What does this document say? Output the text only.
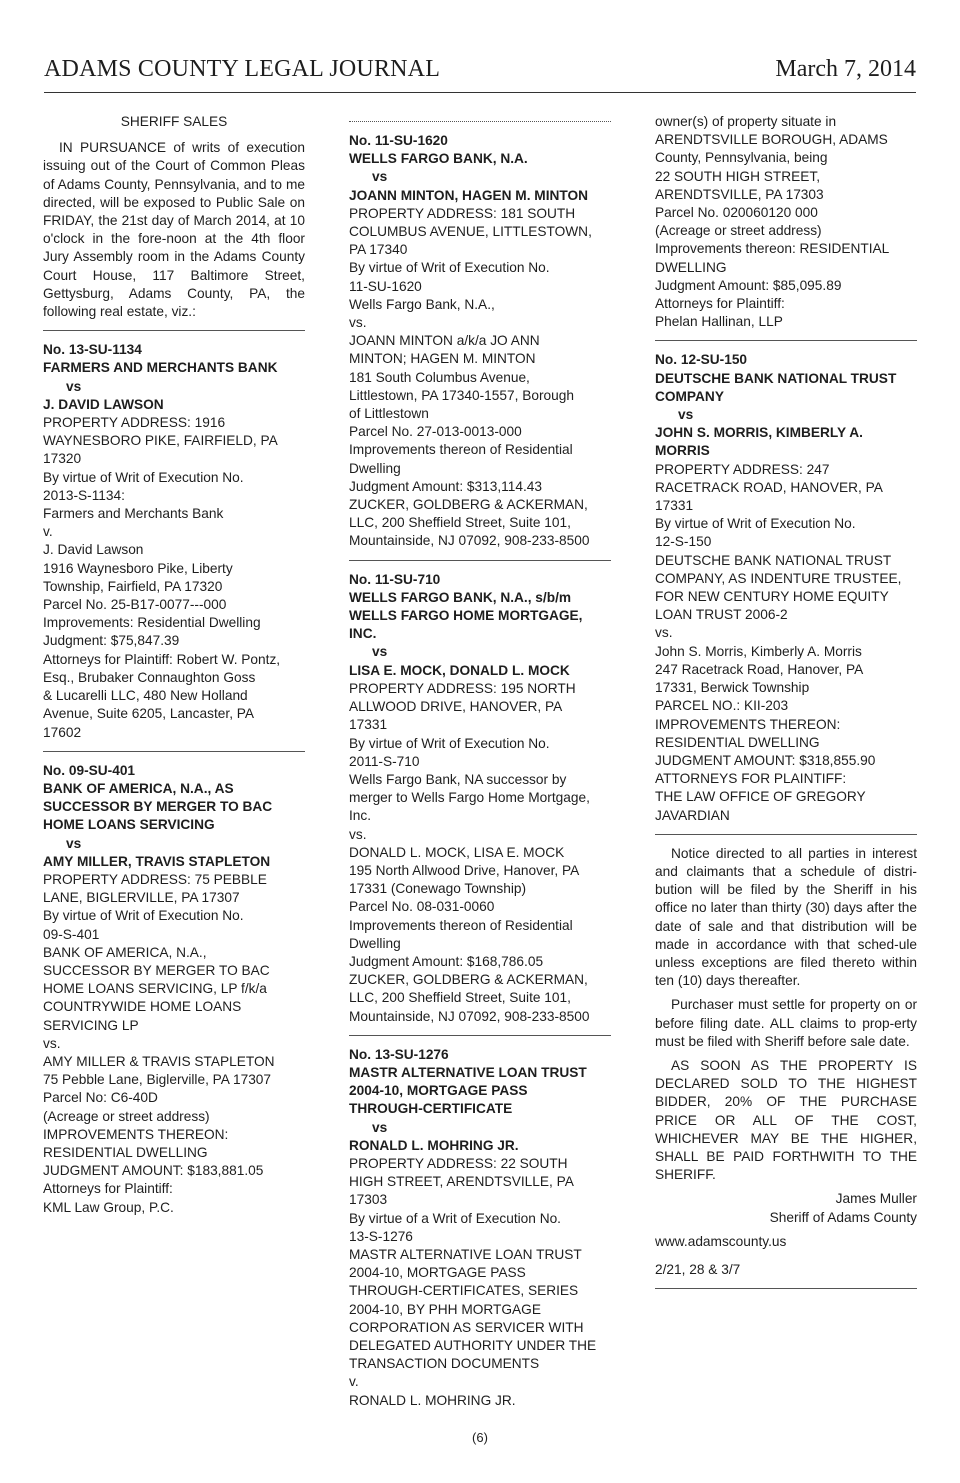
ADAMS COUNTY LEGAL JOURNAL	March 7, 2014

SHERIFF SALES

IN PURSUANCE of writs of execution issuing out of the Court of Common Pleas of Adams County, Pennsylvania, and to me directed, will be exposed to Public Sale on FRIDAY, the 21st day of March 2014, at 10 o'clock in the fore-noon at the 4th floor Jury Assembly room in the Adams County Court House, 117 Baltimore Street, Gettysburg, Adams County, PA, the following real estate, viz.:

No. 13-SU-1134

FARMERS AND MERCHANTS BANK

vs

J. DAVID LAWSON

PROPERTY ADDRESS: 1916

WAYNESBORO PIKE, FAIRFIELD, PA

17320

By virtue of Writ of Execution No.

2013-S-1134:

Farmers and Merchants Bank

v.

J. David Lawson

1916 Waynesboro Pike, Liberty

Township, Fairfield, PA 17320

Parcel No. 25-B17-0077---000

Improvements: Residential Dwelling

Judgment: $75,847.39

Attorneys for Plaintiff: Robert W. Pontz,

Esq., Brubaker Connaughton Goss

& Lucarelli LLC, 480 New Holland

Avenue, Suite 6205, Lancaster, PA

17602

No. 09-SU-401

BANK OF AMERICA, N.A., AS

SUCCESSOR BY MERGER TO BAC

HOME LOANS SERVICING

vs

AMY MILLER, TRAVIS STAPLETON

PROPERTY ADDRESS: 75 PEBBLE

LANE, BIGLERVILLE, PA 17307

By virtue of Writ of Execution No.

09-S-401

BANK OF AMERICA, N.A.,

SUCCESSOR BY MERGER TO BAC

HOME LOANS SERVICING, LP f/k/a

COUNTRYWIDE HOME LOANS

SERVICING LP

vs.

AMY MILLER & TRAVIS STAPLETON

75 Pebble Lane, Biglerville, PA 17307

Parcel No: C6-40D

(Acreage or street address)

IMPROVEMENTS THEREON:

RESIDENTIAL DWELLING

JUDGMENT AMOUNT: $183,881.05

Attorneys for Plaintiff:

KML Law Group, P.C.

No. 11-SU-1620

WELLS FARGO BANK, N.A.

vs

JOANN MINTON, HAGEN M. MINTON

PROPERTY ADDRESS: 181 SOUTH

COLUMBUS AVENUE, LITTLESTOWN,

PA 17340

By virtue of Writ of Execution No.

11-SU-1620

Wells Fargo Bank, N.A.,

vs.

JOANN MINTON a/k/a JO ANN

MINTON; HAGEN M. MINTON

181 South Columbus Avenue,

Littlestown, PA 17340-1557, Borough

of Littlestown

Parcel No. 27-013-0013-000

Improvements thereon of Residential

Dwelling

Judgment Amount: $313,114.43

ZUCKER, GOLDBERG & ACKERMAN,

LLC, 200 Sheffield Street, Suite 101,

Mountainside, NJ 07092, 908-233-8500

No. 11-SU-710

WELLS FARGO BANK, N.A., s/b/m

WELLS FARGO HOME MORTGAGE,

INC.

vs

LISA E. MOCK, DONALD L. MOCK

PROPERTY ADDRESS: 195 NORTH

ALLWOOD DRIVE, HANOVER, PA

17331

By virtue of Writ of Execution No.

2011-S-710

Wells Fargo Bank, NA successor by

merger to Wells Fargo Home Mortgage,

Inc.

vs.

DONALD L. MOCK, LISA E. MOCK

195 North Allwood Drive, Hanover, PA

17331 (Conewago Township)

Parcel No. 08-031-0060

Improvements thereon of Residential

Dwelling

Judgment Amount: $168,786.05

ZUCKER, GOLDBERG & ACKERMAN,

LLC, 200 Sheffield Street, Suite 101,

Mountainside, NJ 07092, 908-233-8500

No. 13-SU-1276

MASTR ALTERNATIVE LOAN TRUST

2004-10, MORTGAGE PASS

THROUGH-CERTIFICATE

vs

RONALD L. MOHRING JR.

PROPERTY ADDRESS: 22 SOUTH

HIGH STREET, ARENDTSVILLE, PA

17303

By virtue of a Writ of Execution No.

13-S-1276

MASTR ALTERNATIVE LOAN TRUST

2004-10, MORTGAGE PASS

THROUGH-CERTIFICATES, SERIES

2004-10, BY PHH MORTGAGE

CORPORATION AS SERVICER WITH

DELEGATED AUTHORITY UNDER THE

TRANSACTION DOCUMENTS

v.

RONALD L. MOHRING JR.

owner(s) of property situate in

ARENDTSVILLE BOROUGH, ADAMS

County, Pennsylvania, being

22 SOUTH HIGH STREET,

ARENDTSVILLE, PA 17303

Parcel No. 020060120 000

(Acreage or street address)

Improvements thereon: RESIDENTIAL

DWELLING

Judgment Amount: $85,095.89

Attorneys for Plaintiff:

Phelan Hallinan, LLP

No. 12-SU-150

DEUTSCHE BANK NATIONAL TRUST

COMPANY

vs

JOHN S. MORRIS, KIMBERLY A.

MORRIS

PROPERTY ADDRESS: 247

RACETRACK ROAD, HANOVER, PA

17331

By virtue of Writ of Execution No.

12-S-150

DEUTSCHE BANK NATIONAL TRUST

COMPANY, AS INDENTURE TRUSTEE,

FOR NEW CENTURY HOME EQUITY

LOAN TRUST 2006-2

vs.

John S. Morris, Kimberly A. Morris

247 Racetrack Road, Hanover, PA

17331, Berwick Township

PARCEL NO.: KII-203

IMPROVEMENTS THEREON:

RESIDENTIAL DWELLING

JUDGMENT AMOUNT: $318,855.90

ATTORNEYS FOR PLAINTIFF:

THE LAW OFFICE OF GREGORY

JAVARDIAN

Notice directed to all parties in interest and claimants that a schedule of distri-bution will be filed by the Sheriff in his office no later than thirty (30) days after the date of sale and that distribution will be made in accordance with that sched-ule unless exceptions are filed thereto within ten (10) days thereafter.

Purchaser must settle for property on or before filing date. ALL claims to prop-erty must be filed with Sheriff before sale date.

AS SOON AS THE PROPERTY IS DECLARED SOLD TO THE HIGHEST BIDDER, 20% OF THE PURCHASE PRICE OR ALL OF THE COST, WHICHEVER MAY BE THE HIGHER, SHALL BE PAID FORTHWITH TO THE SHERIFF.

James Muller

Sheriff of Adams County

www.adamscounty.us

2/21, 28 & 3/7

(6)
